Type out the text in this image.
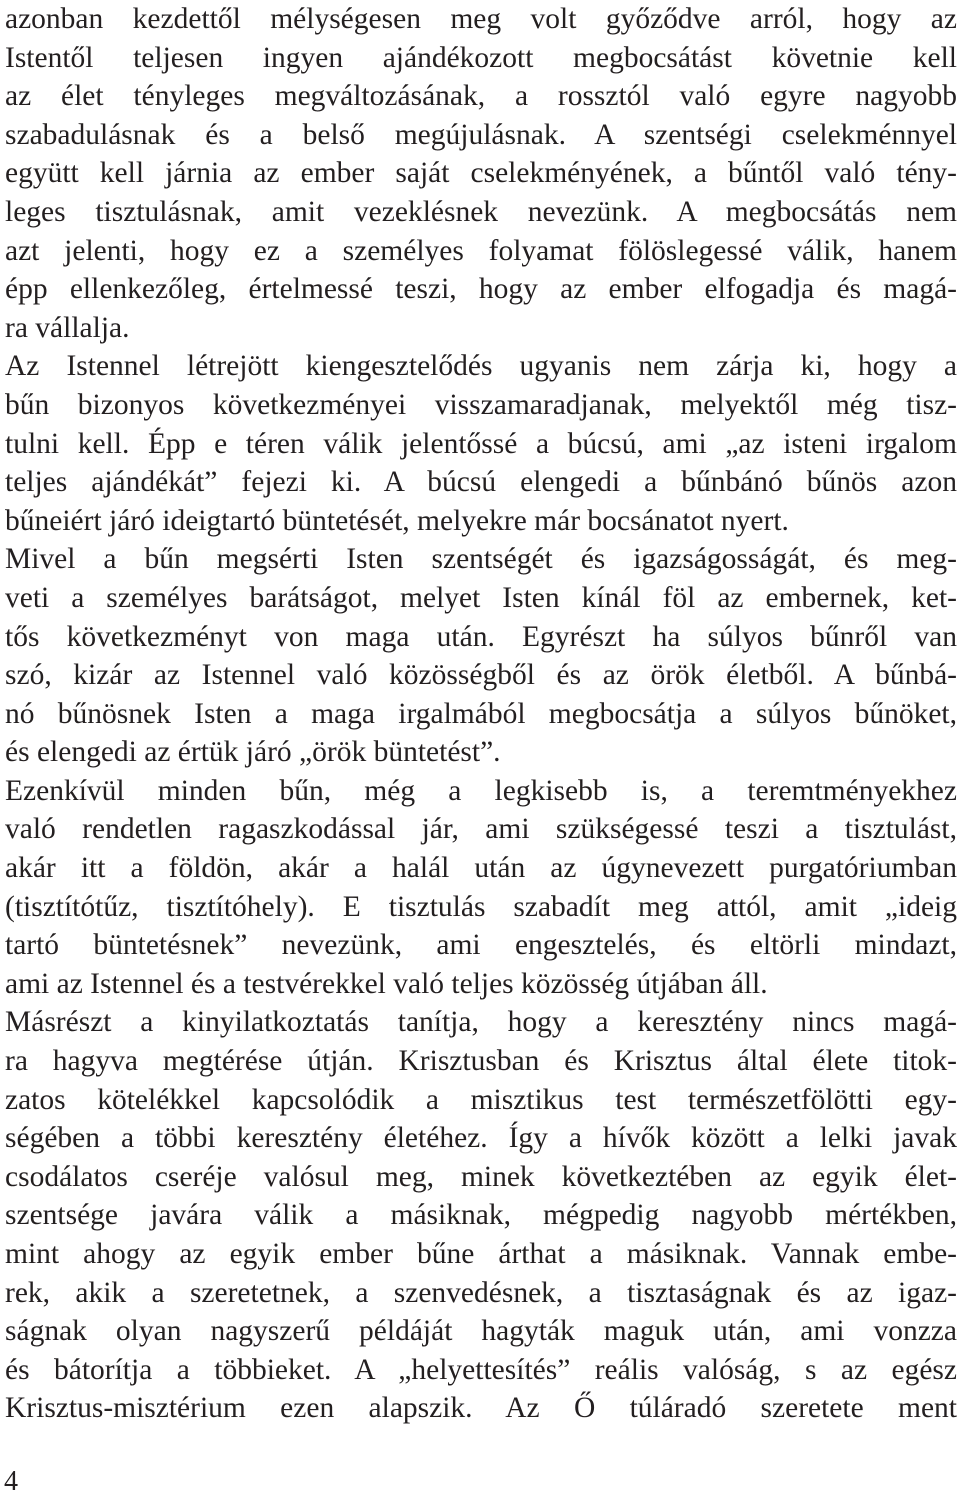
azonban kezdettől mélységesen meg volt győződve arról, hogy az
Istentől teljesen ingyen ajándékozott megbocsátást követnie kell
az élet tényleges megváltozásának, a rossztól való egyre nagyobb
szabadulásnak és a belső megújulásnak. A szentségi cselekménnyel
együtt kell járnia az ember saját cselekményének, a bűntől való tény-
leges tisztulásnak, amit vezeklésnek nevezünk. A megbocsátás nem
azt jelenti, hogy ez a személyes folyamat fölöslegessé válik, hanem
épp ellenkezőleg, értelmessé teszi, hogy az ember elfogadja és magá-
ra vállalja.
Az Istennel létrejött kiengesztelődés ugyanis nem zárja ki, hogy a
bűn bizonyos következményei visszamaradjanak, melyektől még tisz-
tulni kell. Épp e téren válik jelentőssé a búcsú, ami „az isteni irgalom
teljes ajándékát” fejezi ki. A búcsú elengedi a bűnbánó bűnös azon
bűneiért járó ideigtartó büntetését, melyekre már bocsánatot nyert.
Mivel a bűn megsérti Isten szentségét és igazságosságát, és meg-
veti a személyes barátságot, melyet Isten kínál föl az embernek, ket-
tős következményt von maga után. Egyrészt ha súlyos bűnről van
szó, kizár az Istennel való közösségből és az örök életből. A bűnbá-
nó bűnösnek Isten a maga irgalmából megbocsátja a súlyos bűnöket,
és elengedi az értük járó „örök büntetést”.
Ezenkívül minden bűn, még a legkisebb is, a teremtményekhez
való rendetlen ragaszkodással jár, ami szükségessé teszi a tisztulást,
akár itt a földön, akár a halál után az úgynevezett purgatóriumban
(tisztítótűz, tisztítóhely). E tisztulás szabadít meg attól, amit „ideig
tartó büntetésnek” nevezünk, ami engesztelés, és eltörli mindazt,
ami az Istennel és a testvérekkel való teljes közösség útjában áll.
Másrészt a kinyilatkoztatás tanítja, hogy a keresztény nincs magá-
ra hagyva megtérése útján. Krisztusban és Krisztus által élete titok-
zatos kötelékkel kapcsolódik a misztikus test természetfölötti egy-
ségében a többi keresztény életéhez. Így a hívők között a lelki javak
csodálatos cseréje valósul meg, minek következtében az egyik élet-
szentsége javára válik a másiknak, mégpedig nagyobb mértékben,
mint ahogy az egyik ember bűne árthat a másiknak. Vannak embe-
rek, akik a szeretetnek, a szenvedésnek, a tisztaságnak és az igaz-
ságnak olyan nagyszerű példáját hagyták maguk után, ami vonzza
és bátorítja a többieket. A „helyettesítés” reális valóság, s az egész
Krisztus-misztérium ezen alapszik. Az Ő túláradó szeretete ment
4
